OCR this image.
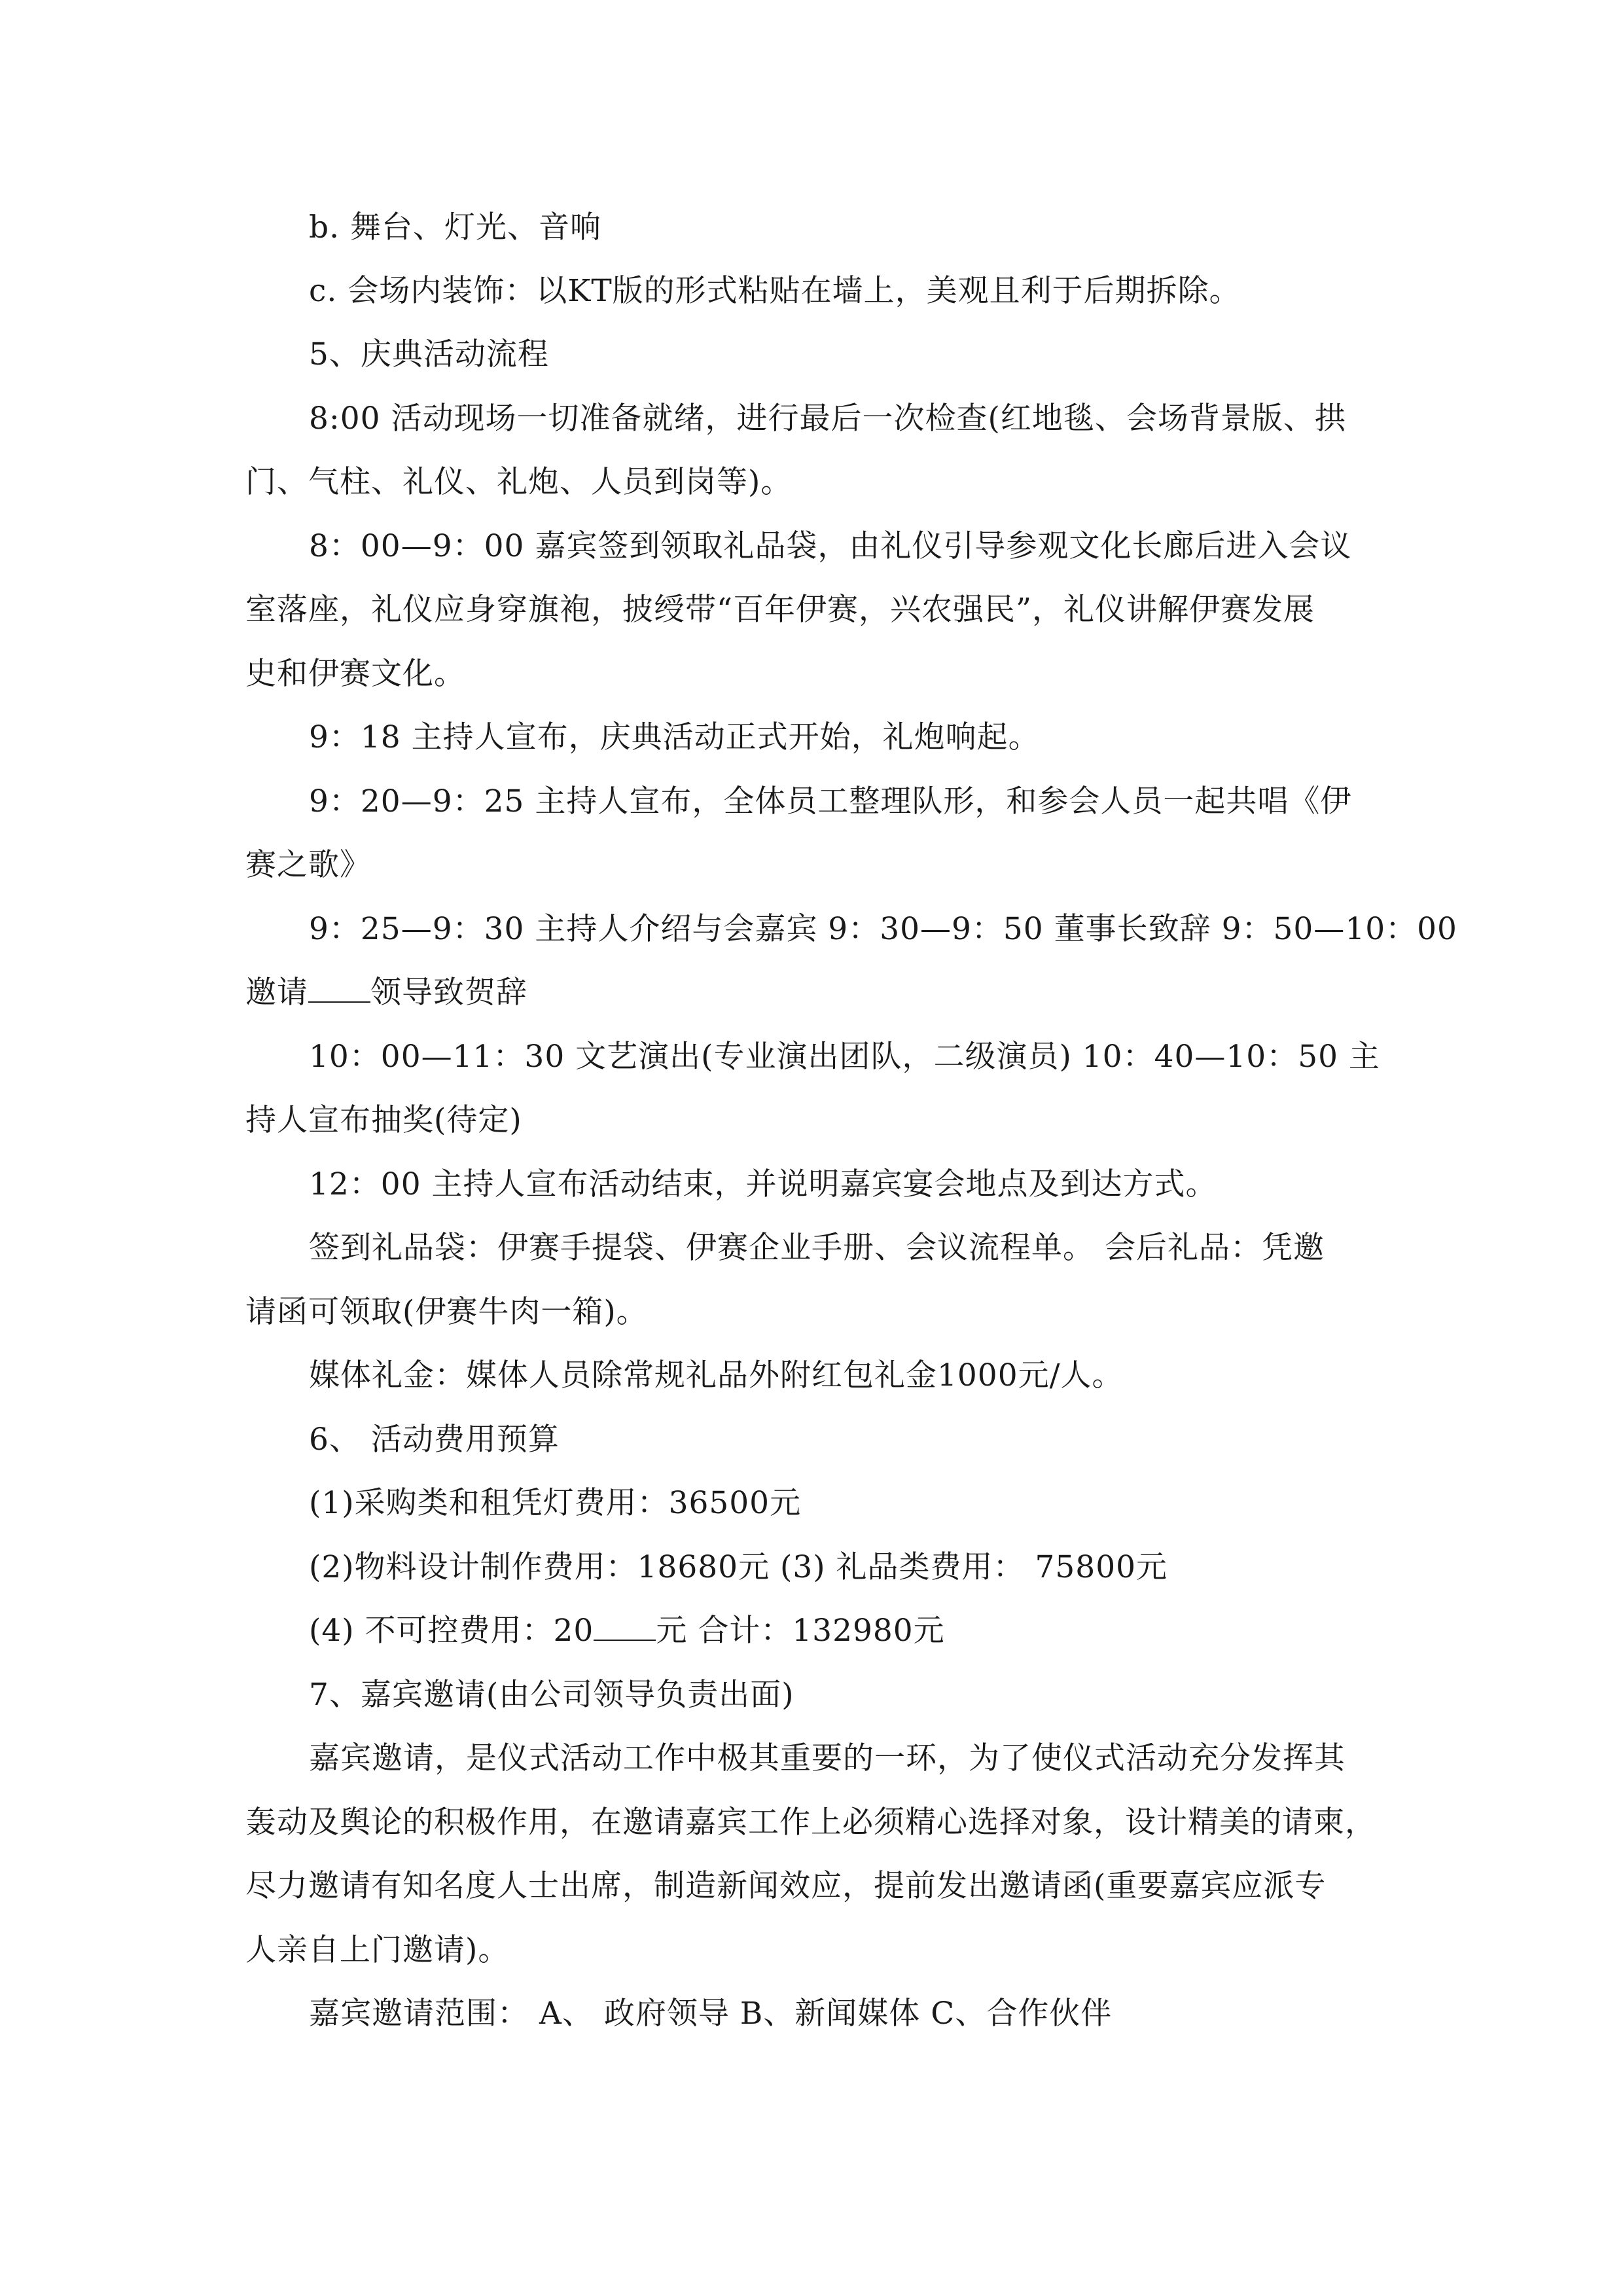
b. 舞台、灯光、音响
c. 会场内装饰：以KT版的形式粘贴在墙上，美观且利于后期拆除。
5、庆典活动流程
8:00 活动现场一切准备就绪，进行最后一次检查(红地毯、会场背景版、拱
门、气柱、礼仪、礼炮、人员到岗等)。
8：00—9：00 嘉宾签到领取礼品袋，由礼仪引导参观文化长廊后进入会议
室落座，礼仪应身穿旗袍，披绶带“百年伊赛，兴农强民”，礼仪讲解伊赛发展
史和伊赛文化。
9：18 主持人宣布，庆典活动正式开始，礼炮响起。
9：20—9：25 主持人宣布，全体员工整理队形，和参会人员一起共唱《伊
赛之歌》
9：25—9：30 主持人介绍与会嘉宾 9：30—9：50 董事长致辞 9：50—10：00
邀请 领导致贺辞
10：00—11：30 文艺演出(专业演出团队，二级演员) 10：40—10：50 主
持人宣布抽奖(待定)
12：00 主持人宣布活动结束，并说明嘉宾宴会地点及到达方式。
签到礼品袋：伊赛手提袋、伊赛企业手册、会议流程单。 会后礼品：凭邀
请函可领取(伊赛牛肉一箱)。
媒体礼金：媒体人员除常规礼品外附红包礼金1000元/人。
6、 活动费用预算
(1)采购类和租凭灯费用：36500元
(2)物料设计制作费用：18680元 (3) 礼品类费用： 75800元
(4) 不可控费用：20 元 合计：132980元
7、嘉宾邀请(由公司领导负责出面)
嘉宾邀请，是仪式活动工作中极其重要的一环，为了使仪式活动充分发挥其
轰动及舆论的积极作用，在邀请嘉宾工作上必须精心选择对象，设计精美的请柬，
尽力邀请有知名度人士出席，制造新闻效应，提前发出邀请函(重要嘉宾应派专
人亲自上门邀请)。
嘉宾邀请范围： A、 政府领导 B、新闻媒体 C、合作伙伴
